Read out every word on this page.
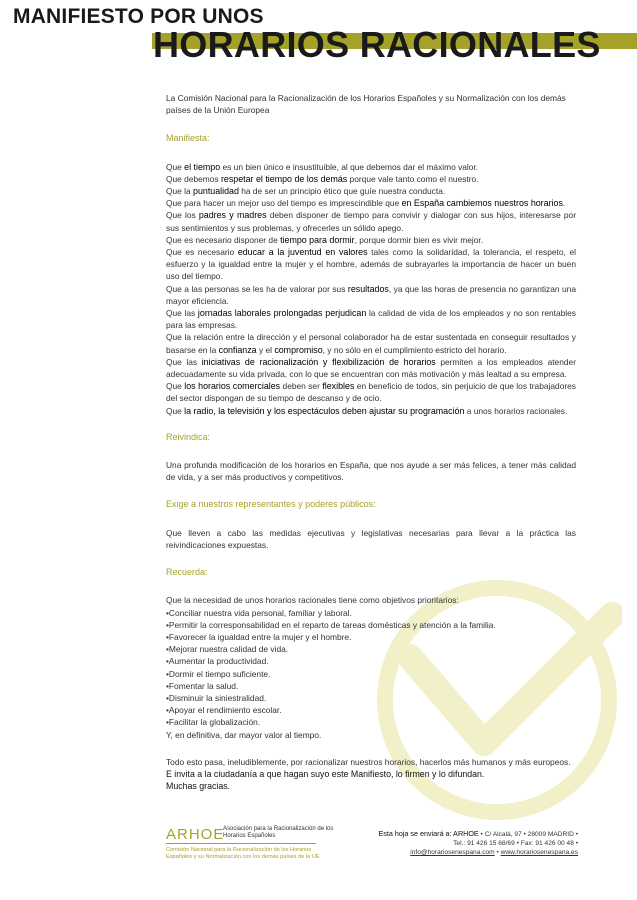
MANIFIESTO POR UNOS
HORARIOS RACIONALES

La Comisión Nacional para la Racionalización de los Horarios Españoles y su Normalización con los demás países de la Unión Europea

Manifiesta:

Que el tiempo es un bien único e insustituible, al que debemos dar el máximo valor.

Que debemos respetar el tiempo de los demás porque vale tanto como el nuestro.

Que la puntualidad ha de ser un principio ético que guíe nuestra conducta.

Que para hacer un mejor uso del tiempo es imprescindible que en España cambiemos nuestros horarios.

Que los padres y madres deben disponer de tiempo para convivir y dialogar con sus hijos, interesarse por sus sentimientos y sus problemas, y ofrecerles un sólido apego.

Que es necesario disponer de tiempo para dormir, porque dormir bien es vivir mejor.

Que es necesario educar a la juventud en valores tales como la solidaridad, la tolerancia, el respeto, el esfuerzo y la igualdad entre la mujer y el hombre, además de subrayarles la importancia de hacer un buen uso del tiempo.

Que a las personas se les ha de valorar por sus resultados, ya que las horas de presencia no garantizan una mayor eficiencia.

Que las jornadas laborales prolongadas perjudican la calidad de vida de los empleados y no son rentables para las empresas.

Que la relación entre la dirección y el personal colaborador ha de estar sustentada en conseguir resultados y basarse en la confianza y el compromiso, y no sólo en el cumplimiento estricto del horario.

Que las iniciativas de racionalización y flexibilización de horarios permiten a los empleados atender adecuadamente su vida privada, con lo que se encuentran con más motivación y más lealtad a su empresa.

Que los horarios comerciales deben ser flexibles en beneficio de todos, sin perjuicio de que los trabajadores del sector dispongan de su tiempo de descanso y de ocio.

Que la radio, la televisión y los espectáculos deben ajustar su programación a unos horarios racionales.

Reivindica:

Una profunda modificación de los horarios en España, que nos ayude a ser más felices, a tener más calidad de vida, y a ser más productivos y competitivos.

Exige a nuestros representantes y poderes públicos:

Que lleven a cabo las medidas ejecutivas y legislativas necesarias para llevar a la práctica las reivindicaciones expuestas.

Recuerda:

Que la necesidad de unos horarios racionales tiene como objetivos prioritarios:

•Conciliar nuestra vida personal, familiar y laboral.

•Permitir la corresponsabilidad en el reparto de tareas domésticas y atención a la familia.

•Favorecer la igualdad entre la mujer y el hombre.

•Mejorar nuestra calidad de vida.

•Aumentar la productividad.

•Dormir el tiempo suficiente.

•Fomentar la salud.

•Disminuir la siniestralidad.

•Apoyar el rendimiento escolar.

•Facilitar la globalización.

Y, en definitiva, dar mayor valor al tiempo.

Todo esto pasa, ineludiblemente, por racionalizar nuestros horarios, hacerlos más humanos y más europeos.

E invita a la ciudadanía a que hagan suyo este Manifiesto, lo firmen y lo difundan.

Muchas gracias.

ARHOE
Asociación para la Racionalización de los Horarios Españoles
Comisión Nacional para la Racionalización de los Horarios
Españoles y su Normalización con los demás países de la UE
Esta hoja se enviará a: ARHOE • C/ Alcalá, 97 • 28009 MADRID •
Tel.: 91 426 15 68/69 • Fax: 91 426 00 48 •
info@horariosenespana.com • www.horariosenespana.es
